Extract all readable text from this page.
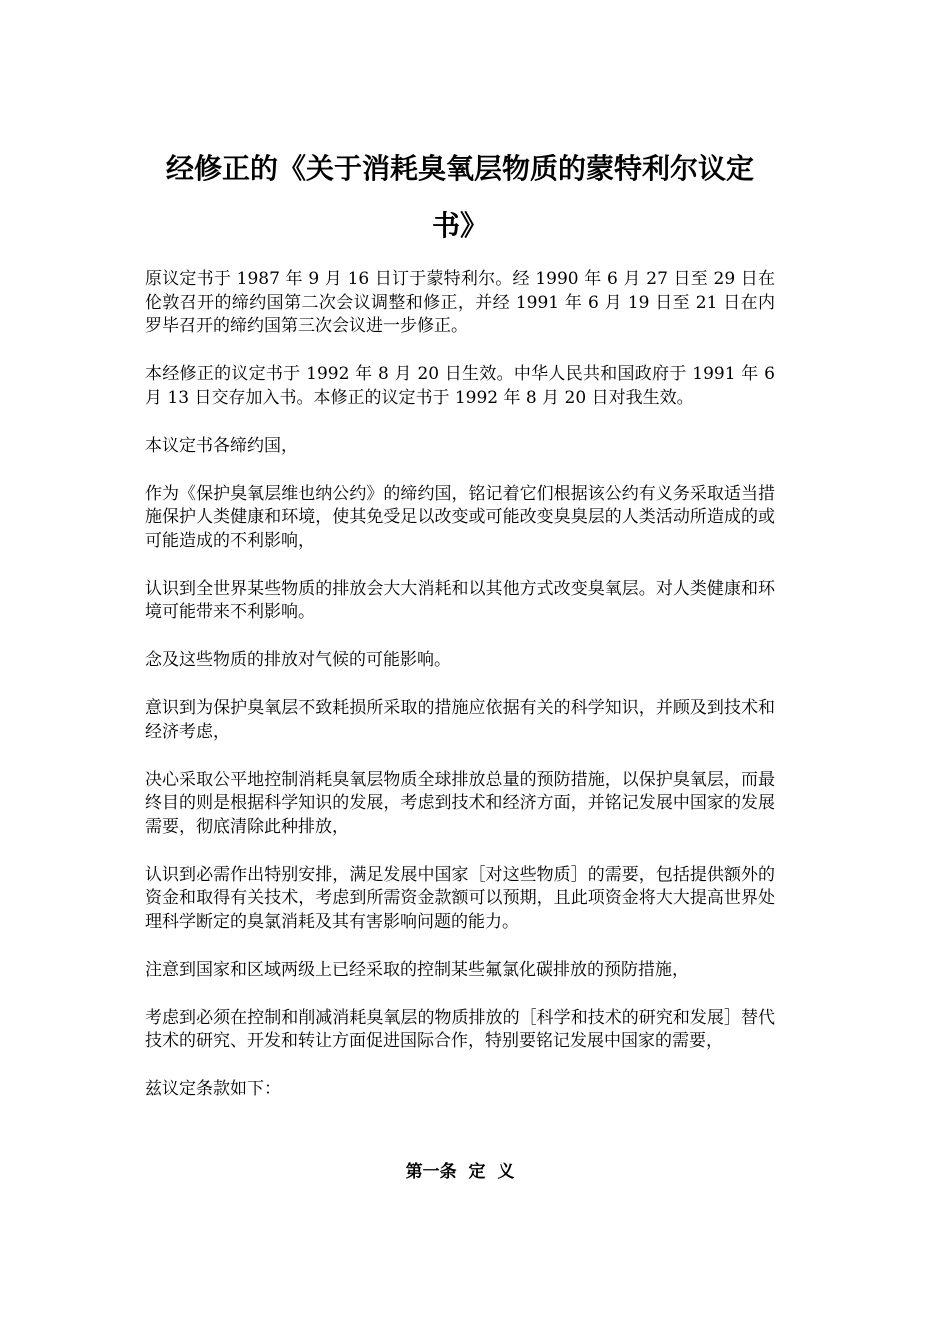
经修正的《关于消耗臭氧层物质的蒙特利尔议定书》

原议定书于 1987 年 9 月 16 日订于蒙特利尔。经 1990 年 6 月 27 日至 29 日在伦敦召开的缔约国第二次会议调整和修正，并经 1991 年 6 月 19 日至 21 日在内罗毕召开的缔约国第三次会议进一步修正。

本经修正的议定书于 1992 年 8 月 20 日生效。中华人民共和国政府于 1991 年 6 月 13 日交存加入书。本修正的议定书于 1992 年 8 月 20 日对我生效。

本议定书各缔约国，

作为《保护臭氧层维也纳公约》的缔约国，铭记着它们根据该公约有义务采取适当措施保护人类健康和环境，使其免受足以改变或可能改变臭臭层的人类活动所造成的或可能造成的不利影响，

认识到全世界某些物质的排放会大大消耗和以其他方式改变臭氧层。对人类健康和环境可能带来不利影响。

念及这些物质的排放对气候的可能影响。

意识到为保护臭氧层不致耗损所采取的措施应依据有关的科学知识，并顾及到技术和经济考虑，

决心采取公平地控制消耗臭氧层物质全球排放总量的预防措施，以保护臭氧层，而最终目的则是根据科学知识的发展，考虑到技术和经济方面，并铭记发展中国家的发展需要，彻底清除此种排放，

认识到必需作出特别安排，满足发展中国家［对这些物质］的需要，包括提供额外的资金和取得有关技术，考虑到所需资金款额可以预期，且此项资金将大大提高世界处理科学断定的臭氯消耗及其有害影响问题的能力。

注意到国家和区域两级上已经采取的控制某些氟氯化碳排放的预防措施，

考虑到必须在控制和削减消耗臭氧层的物质排放的［科学和技术的研究和发展］替代技术的研究、开发和转让方面促进国际合作，特别要铭记发展中国家的需要，

兹议定条款如下：

第一条 定 义
